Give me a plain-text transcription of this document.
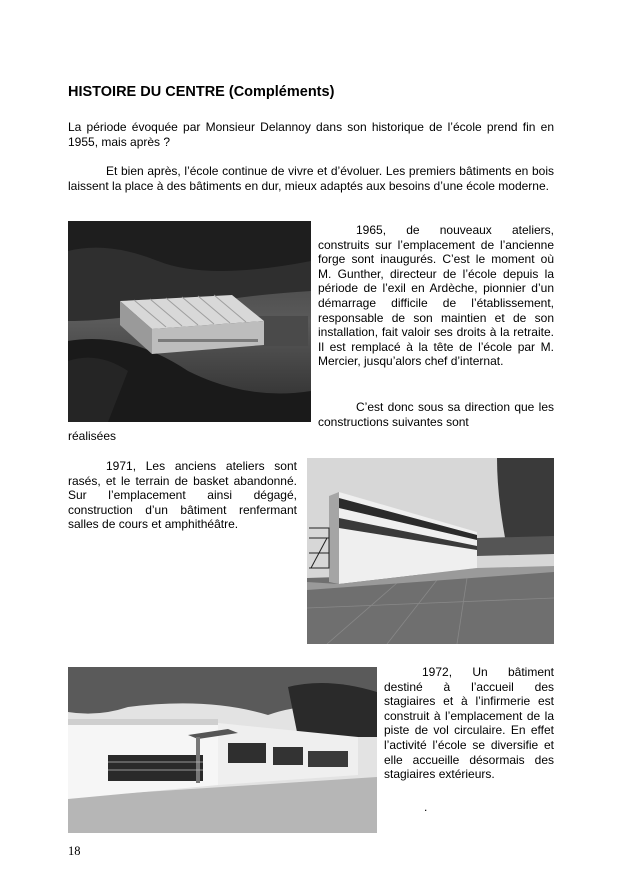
HISTOIRE DU CENTRE (Compléments)

La période évoquée par Monsieur Delannoy dans son historique de l’école prend fin en 1955, mais après ?

Et bien après, l’école continue de vivre et d’évoluer. Les premiers bâtiments en bois laissent la place à des bâtiments en dur, mieux adaptés aux besoins d’une école moderne.

1965, de nouveaux ateliers, construits sur l’emplacement de l’ancienne forge sont inaugurés. C’est le moment où M. Gunther, directeur de l’école depuis la période de l’exil en Ardèche, pionnier d’un démarrage difficile de l’établissement, responsable de son maintien et de son installation, fait valoir ses droits à la retraite. Il est remplacé à la tête de l’école par M. Mercier, jusqu’alors chef d’internat.

C’est donc sous sa direction que les constructions suivantes sont

réalisées

1971, Les anciens ateliers sont rasés, et le terrain de basket abandonné. Sur l’emplacement ainsi dégagé, construction d’un bâtiment renfermant salles de cours et amphithéâtre.

1972, Un bâtiment destiné à l’accueil des stagiaires et à l’infirmerie est construit à l’emplacement de la piste de vol circulaire. En effet l’activité l’école se diversifie et elle accueille désormais des stagiaires extérieurs.

.
18
